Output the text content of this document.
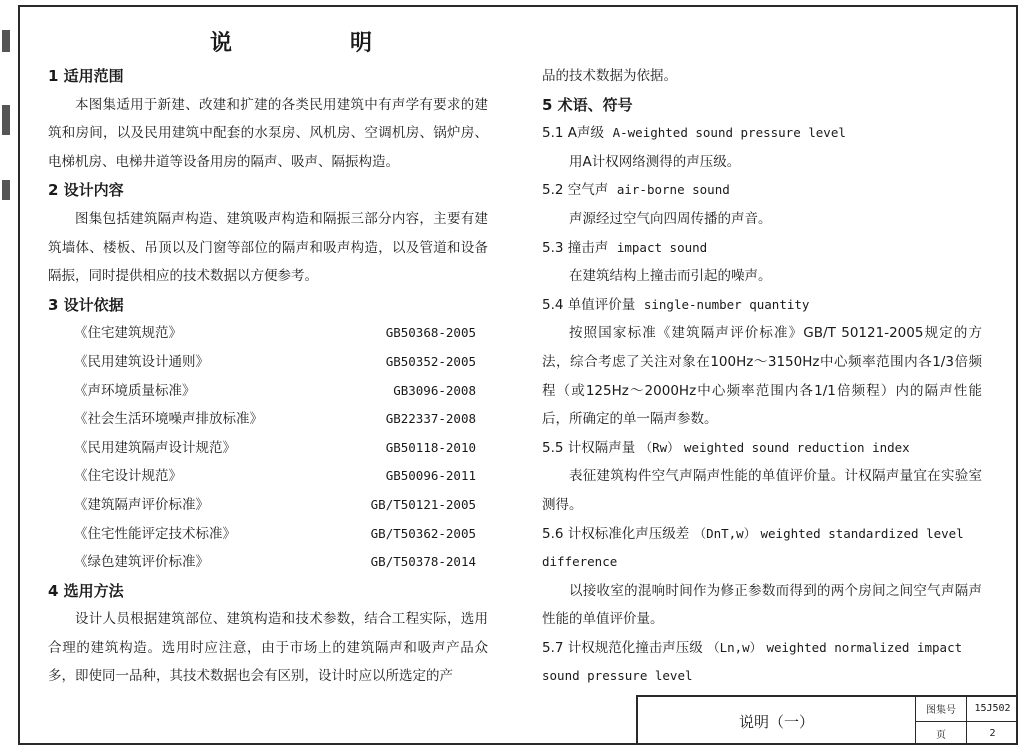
说　明
1 适用范围
本图集适用于新建、改建和扩建的各类民用建筑中有声学有要求的建筑和房间，以及民用建筑中配套的水泵房、风机房、空调机房、锅炉房、电梯机房、电梯井道等设备用房的隔声、吸声、隔振构造。
2 设计内容
图集包括建筑隔声构造、建筑吸声构造和隔振三部分内容，主要有建筑墙体、楼板、吊顶以及门窗等部位的隔声和吸声构造，以及管道和设备隔振，同时提供相应的技术数据以方便参考。
3 设计依据
《住宅建筑规范》	GB50368-2005
《民用建筑设计通则》	GB50352-2005
《声环境质量标准》	GB3096-2008
《社会生活环境噪声排放标准》	GB22337-2008
《民用建筑隔声设计规范》	GB50118-2010
《住宅设计规范》	GB50096-2011
《建筑隔声评价标准》	GB/T50121-2005
《住宅性能评定技术标准》	GB/T50362-2005
《绿色建筑评价标准》	GB/T50378-2014
4 选用方法
设计人员根据建筑部位、建筑构造和技术参数，结合工程实际，选用合理的建筑构造。选用时应注意，由于市场上的建筑隔声和吸声产品众多，即使同一品种，其技术数据也会有区别，设计时应以所选定的产
品的技术数据为依据。
5 术语、符号
5.1 A声级 A-weighted sound pressure level
用A计权网络测得的声压级。
5.2 空气声 air-borne sound
声源经过空气向四周传播的声音。
5.3 撞击声 impact sound
在建筑结构上撞击而引起的噪声。
5.4 单值评价量 single-number quantity
按照国家标准《建筑隔声评价标准》GB/T 50121-2005规定的方法，综合考虑了关注对象在100Hz～3150Hz中心频率范围内各1/3倍频程（或125Hz～2000Hz中心频率范围内各1/1倍频程）内的隔声性能后，所确定的单一隔声参数。
5.5 计权隔声量 （Rw） weighted sound reduction index
表征建筑构件空气声隔声性能的单值评价量。计权隔声量宜在实验室测得。
5.6 计权标准化声压级差 （DnT,w） weighted standardized level difference
以接收室的混响时间作为修正参数而得到的两个房间之间空气声隔声性能的单值评价量。
5.7 计权规范化撞击声压级 （Ln,w） weighted normalized impact sound pressure level
说明（一）
图集号	15J502
页	2
